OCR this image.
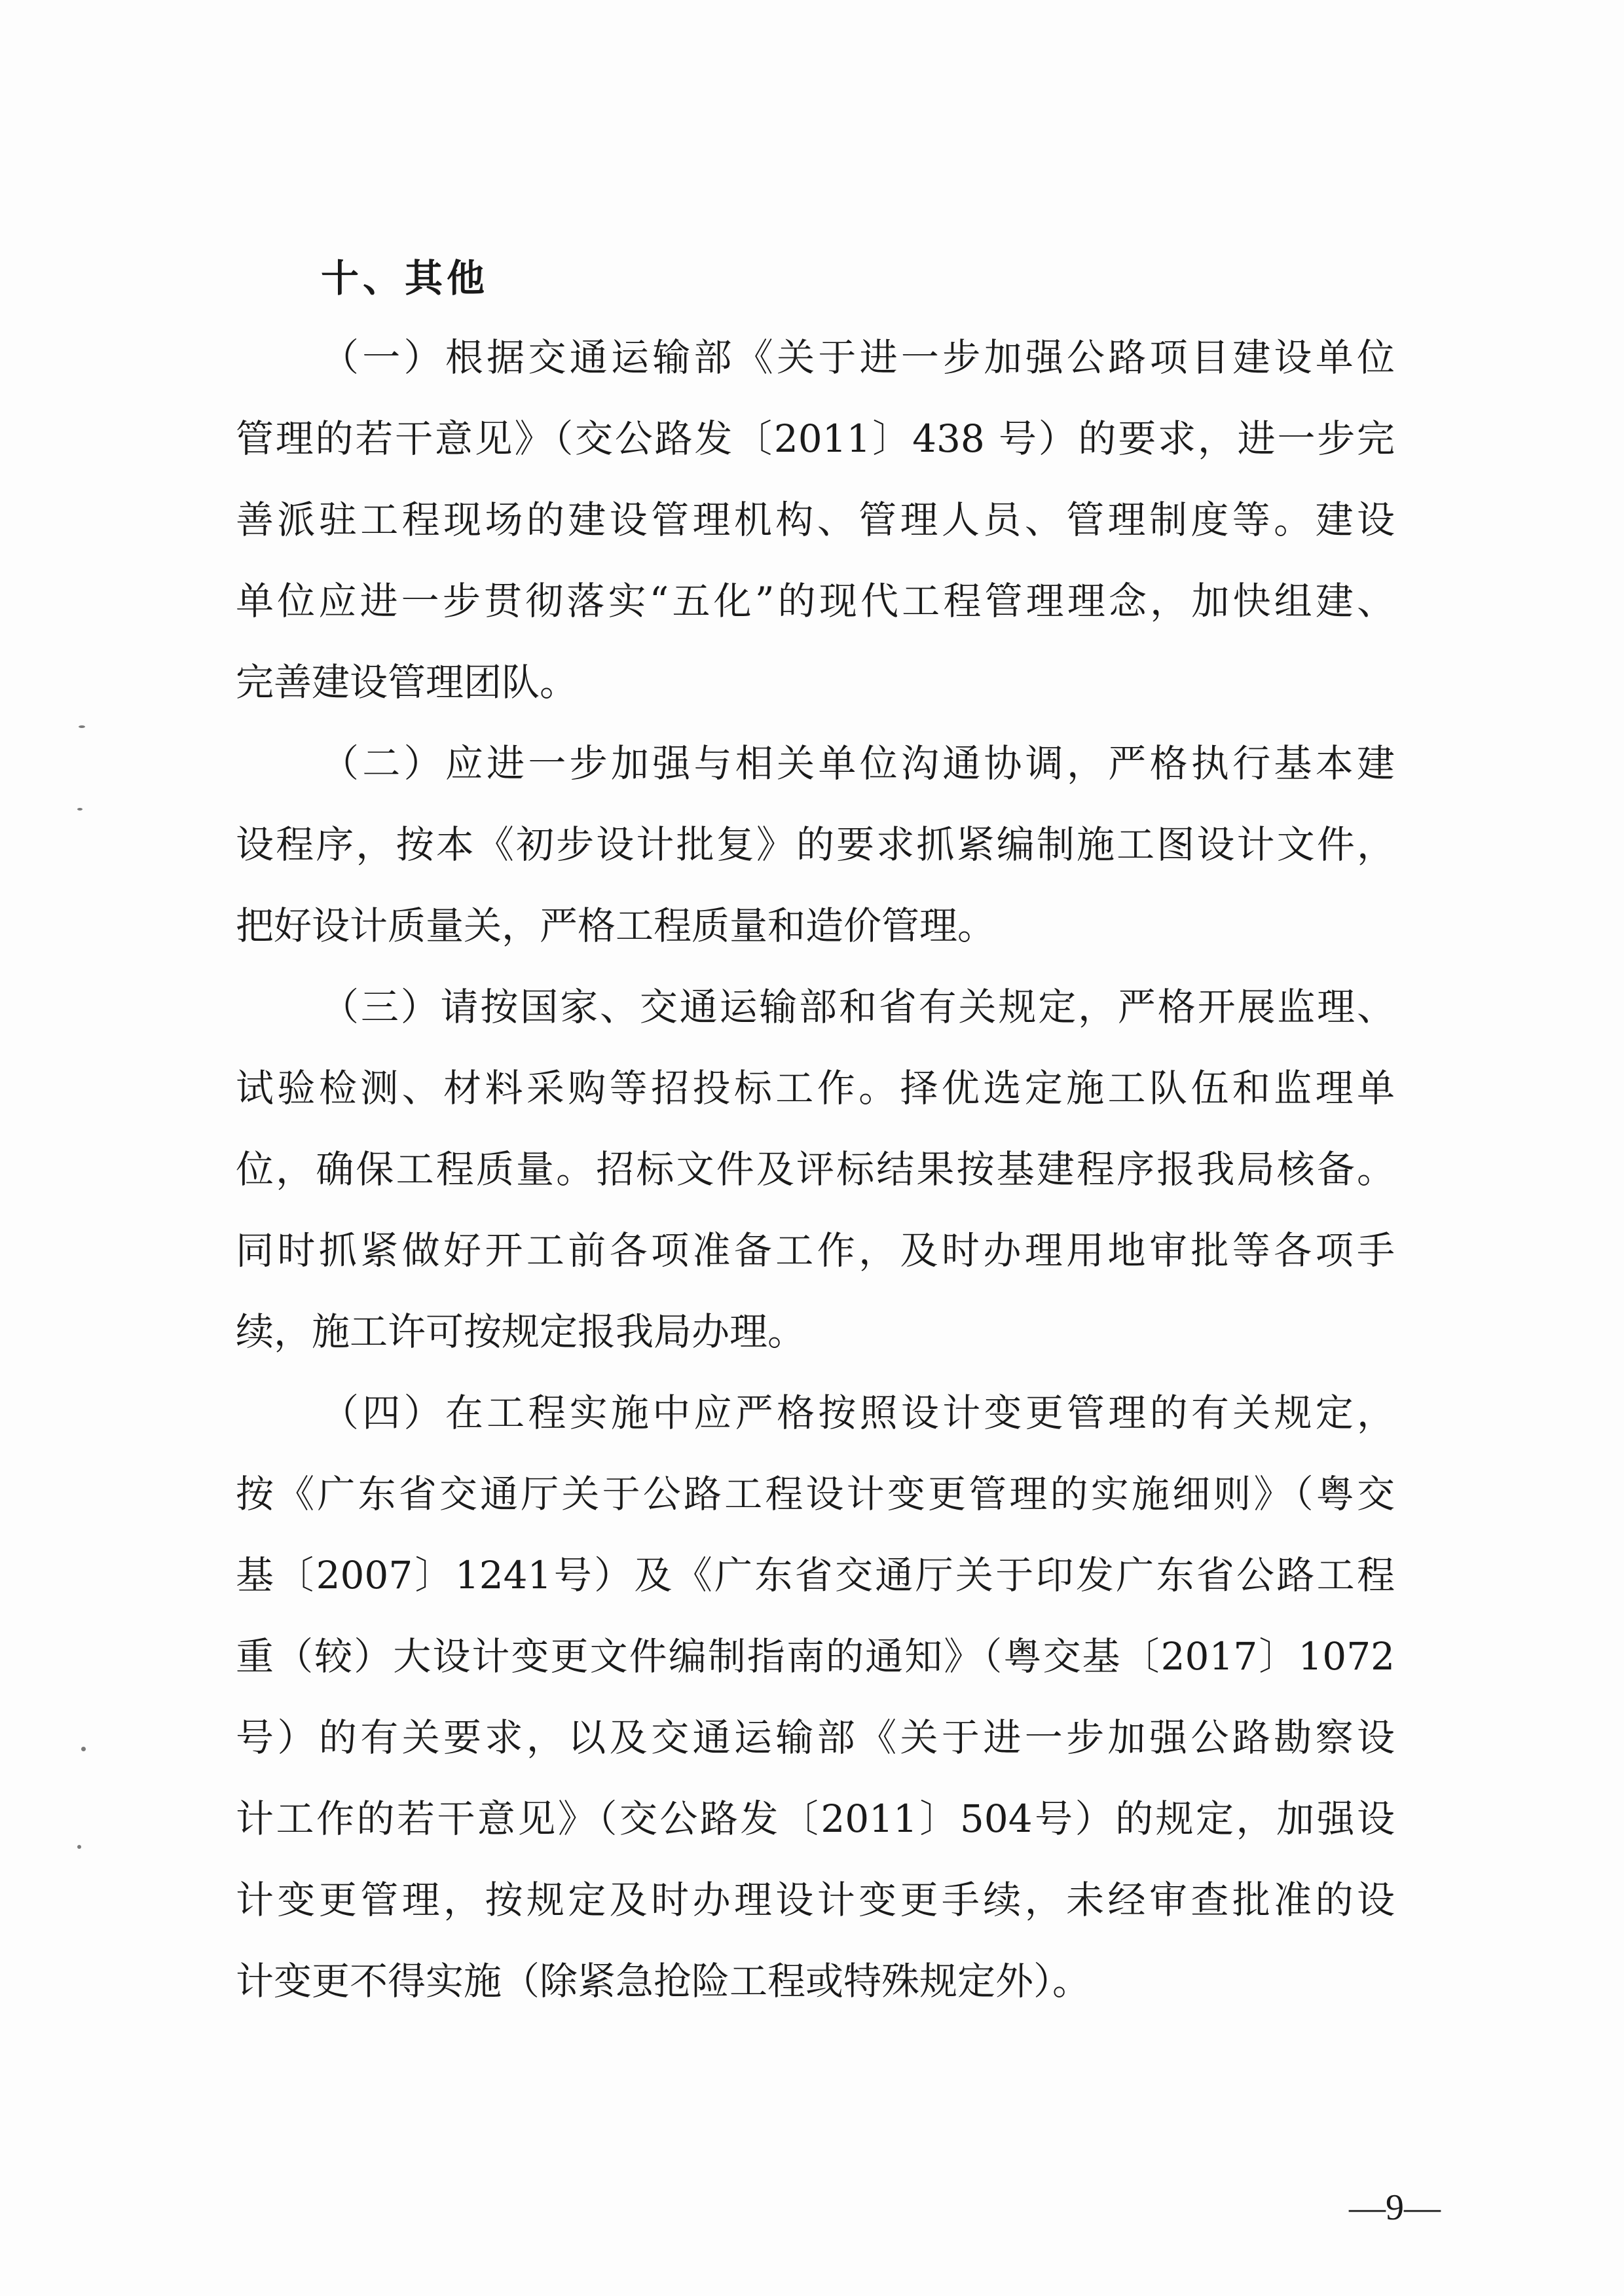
十、其他
（一）根据交通运输部《关于进一步加强公路项目建设单位
管理的若干意见》（交公路发〔2011〕438 号）的要求，进一步完
善派驻工程现场的建设管理机构、管理人员、管理制度等。建设
单位应进一步贯彻落实“五化”的现代工程管理理念，加快组建、
完善建设管理团队。
（二）应进一步加强与相关单位沟通协调，严格执行基本建
设程序，按本《初步设计批复》的要求抓紧编制施工图设计文件，
把好设计质量关，严格工程质量和造价管理。
（三）请按国家、交通运输部和省有关规定，严格开展监理、
试验检测、材料采购等招投标工作。择优选定施工队伍和监理单
位，确保工程质量。招标文件及评标结果按基建程序报我局核备。
同时抓紧做好开工前各项准备工作，及时办理用地审批等各项手
续，施工许可按规定报我局办理。
（四）在工程实施中应严格按照设计变更管理的有关规定，
按《广东省交通厅关于公路工程设计变更管理的实施细则》（粤交
基〔2007〕1241号）及《广东省交通厅关于印发广东省公路工程
重（较）大设计变更文件编制指南的通知》（粤交基〔2017〕1072
号）的有关要求，以及交通运输部《关于进一步加强公路勘察设
计工作的若干意见》（交公路发〔2011〕504号）的规定，加强设
计变更管理，按规定及时办理设计变更手续，未经审查批准的设
计变更不得实施（除紧急抢险工程或特殊规定外）。
—9—
